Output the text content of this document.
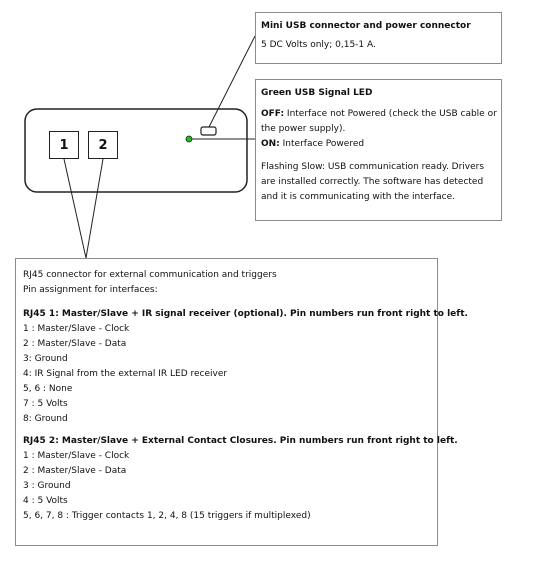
1	2

Mini USB connector and power connector

5 DC Volts only; 0,15-1 A.

Green USB Signal LED

OFF: Interface not Powered (check the USB cable or the power supply).

ON: Interface Powered

Flashing Slow: USB communication ready. Drivers are installed correctly. The software has detected and it is communicating with the interface.

RJ45 connector for external communication and triggers

Pin assignment for interfaces:

RJ45 1: Master/Slave + IR signal receiver (optional). Pin numbers run front right to left.

1 : Master/Slave - Clock

2 : Master/Slave - Data

3: Ground

4: IR Signal from the external IR LED receiver

5, 6 : None

7 : 5 Volts

8: Ground

RJ45 2: Master/Slave + External Contact Closures. Pin numbers run front right to left.

1 : Master/Slave - Clock

2 : Master/Slave - Data

3 : Ground

4 : 5 Volts

5, 6, 7, 8 : Trigger contacts 1, 2, 4, 8 (15 triggers if multiplexed)
